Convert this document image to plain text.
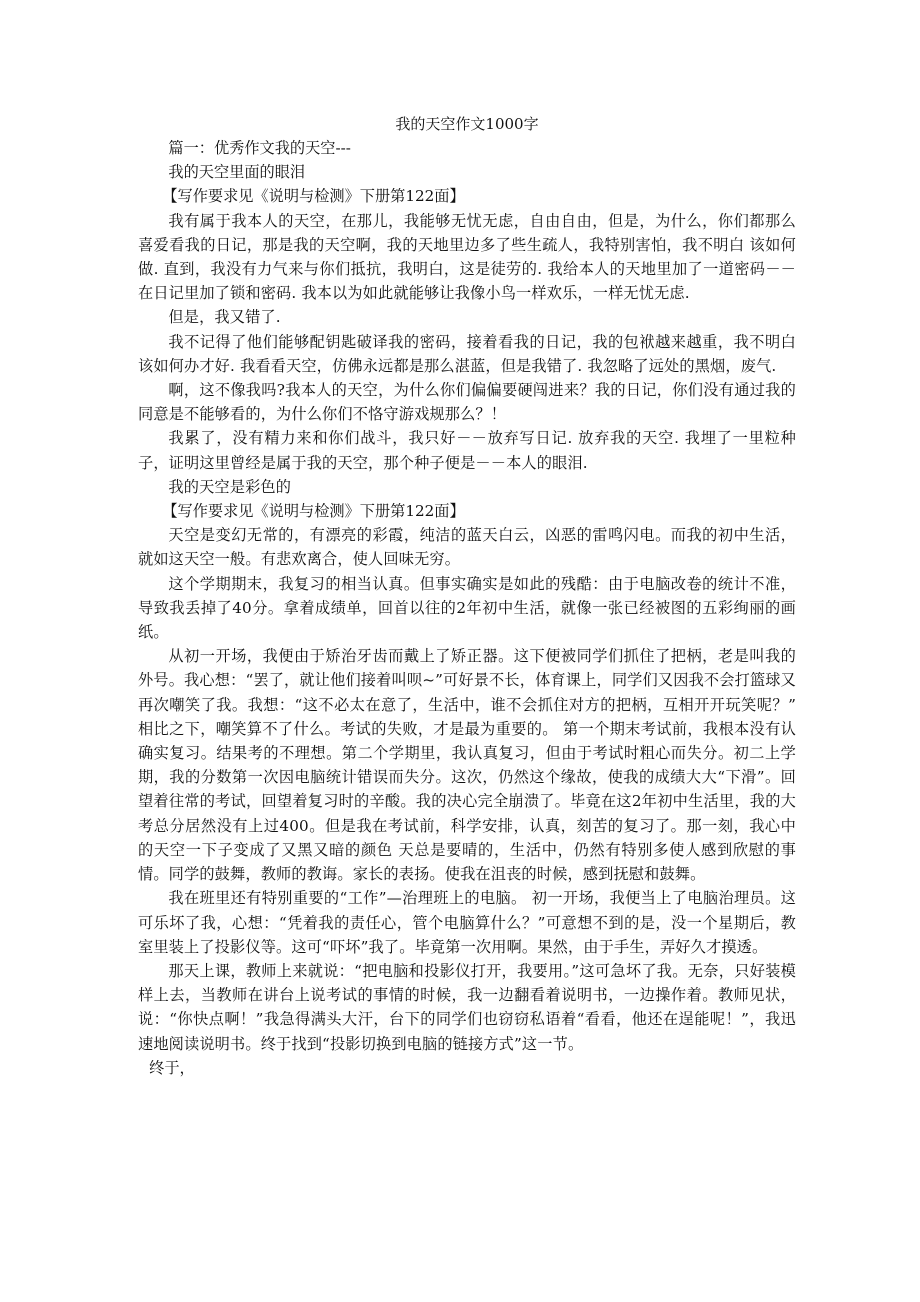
我的天空作文1000字

篇一：优秀作文我的天空---

我的天空里面的眼泪

【写作要求见《说明与检测》下册第122面】

我有属于我本人的天空，在那儿，我能够无忧无虑，自由自由，但是，为什么，你们都那么喜爱看我的日记，那是我的天空啊，我的天地里边多了些生疏人，我特别害怕，我不明白 该如何做. 直到，我没有力气来与你们抵抗，我明白，这是徒劳的. 我给本人的天地里加了一道密码－－在日记里加了锁和密码. 我本以为如此就能够让我像小鸟一样欢乐，一样无忧无虑.

但是，我又错了.

我不记得了他们能够配钥匙破译我的密码，接着看我的日记，我的包袱越来越重，我不明白该如何办才好. 我看看天空，仿佛永远都是那么湛蓝，但是我错了. 我忽略了远处的黑烟，废气.

啊，这不像我吗?我本人的天空，为什么你们偏偏要硬闯进来？我的日记，你们没有通过我的同意是不能够看的，为什么你们不恪守游戏规那么？！

我累了，没有精力来和你们战斗，我只好－－放弃写日记. 放弃我的天空. 我埋了一里粒种子，证明这里曾经是属于我的天空，那个种子便是－－本人的眼泪.

我的天空是彩色的

【写作要求见《说明与检测》下册第122面】

天空是变幻无常的，有漂亮的彩霞，纯洁的蓝天白云，凶恶的雷鸣闪电。而我的初中生活，就如这天空一般。有悲欢离合，使人回味无穷。

这个学期期末，我复习的相当认真。但事实确实是如此的残酷：由于电脑改卷的统计不准，导致我丢掉了40分。拿着成绩单，回首以往的2年初中生活，就像一张已经被图的五彩绚丽的画纸。

从初一开场，我便由于矫治牙齿而戴上了矫正器。这下便被同学们抓住了把柄，老是叫我的外号。我心想：“罢了，就让他们接着叫呗~”可好景不长，体育课上，同学们又因我不会打篮球又再次嘲笑了我。我想：“这不必太在意了，生活中，谁不会抓住对方的把柄，互相开开玩笑呢？” 相比之下，嘲笑算不了什么。考试的失败，才是最为重要的。 第一个期末考试前，我根本没有认确实复习。结果考的不理想。第二个学期里，我认真复习，但由于考试时粗心而失分。初二上学期，我的分数第一次因电脑统计错误而失分。这次，仍然这个缘故，使我的成绩大大“下滑”。回望着往常的考试，回望着复习时的辛酸。我的决心完全崩溃了。毕竟在这2年初中生活里，我的大考总分居然没有上过400。但是我在考试前，科学安排，认真，刻苦的复习了。那一刻，我心中的天空一下子变成了又黑又暗的颜色 天总是要晴的，生活中，仍然有特别多使人感到欣慰的事情。同学的鼓舞，教师的教诲。家长的表扬。使我在沮丧的时候，感到抚慰和鼓舞。

我在班里还有特别重要的“工作”—治理班上的电脑。 初一开场，我便当上了电脑治理员。这可乐坏了我，心想：“凭着我的责任心，管个电脑算什么？”可意想不到的是，没一个星期后，教室里装上了投影仪等。这可“吓坏”我了。毕竟第一次用啊。果然，由于手生，弄好久才摸透。

那天上课，教师上来就说：“把电脑和投影仪打开，我要用。”这可急坏了我。无奈，只好装模样上去，当教师在讲台上说考试的事情的时候，我一边翻看着说明书，一边操作着。教师见状，说：“你快点啊！”我急得满头大汗，台下的同学们也窃窃私语着“看看，他还在逞能呢！”，我迅速地阅读说明书。终于找到“投影切换到电脑的链接方式”这一节。

终于，
